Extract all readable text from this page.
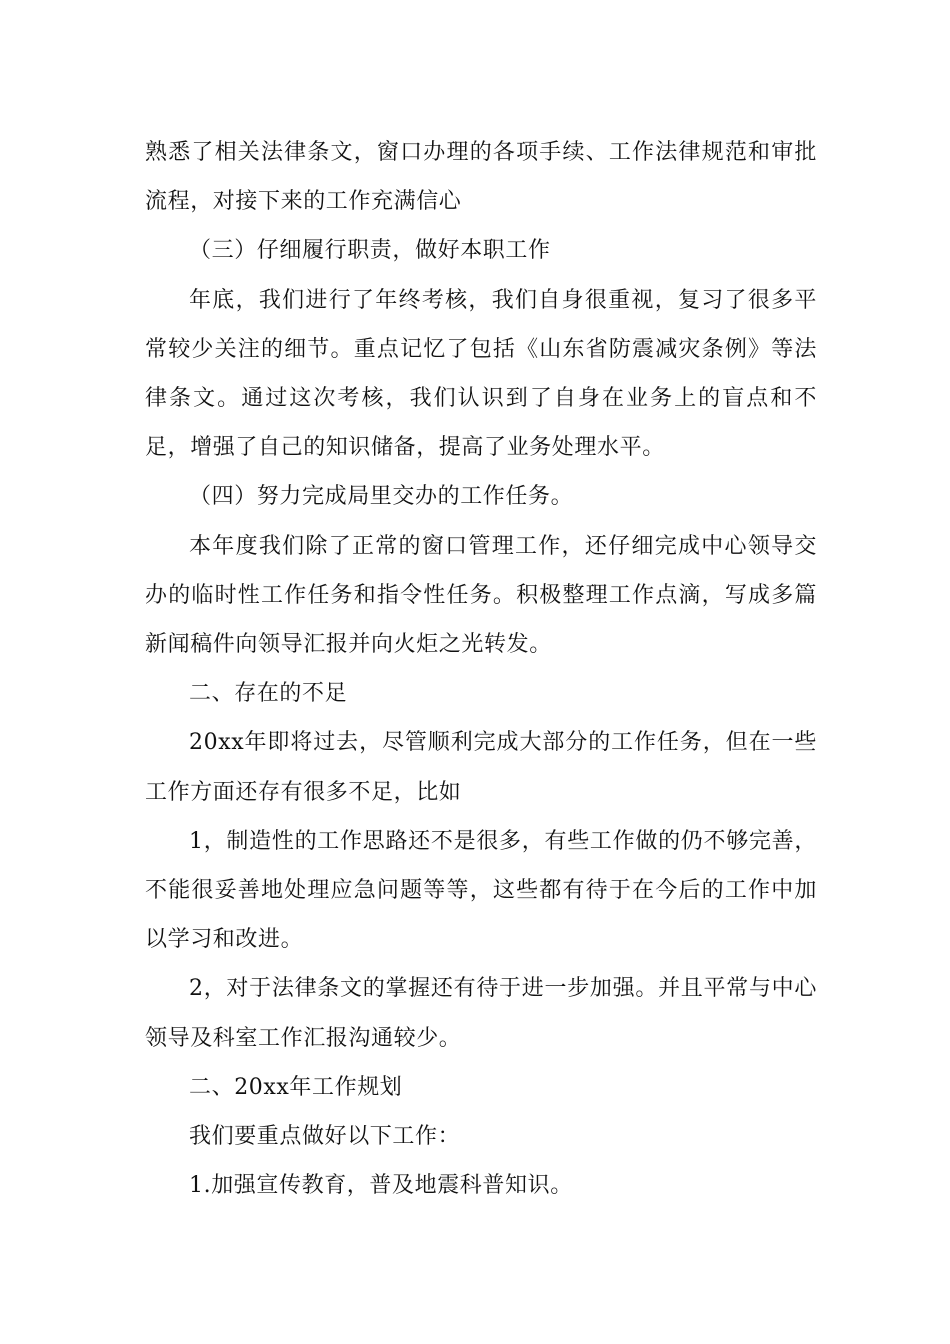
熟悉了相关法律条文，窗口办理的各项手续、工作法律规范和审批流程，对接下来的工作充满信心

（三）仔细履行职责，做好本职工作

年底，我们进行了年终考核，我们自身很重视，复习了很多平常较少关注的细节。重点记忆了包括《山东省防震减灾条例》等法律条文。通过这次考核，我们认识到了自身在业务上的盲点和不足，增强了自己的知识储备，提高了业务处理水平。

（四）努力完成局里交办的工作任务。

本年度我们除了正常的窗口管理工作，还仔细完成中心领导交办的临时性工作任务和指令性任务。积极整理工作点滴，写成多篇新闻稿件向领导汇报并向火炬之光转发。

二、存在的不足

20xx年即将过去，尽管顺利完成大部分的工作任务，但在一些工作方面还存有很多不足，比如

1，制造性的工作思路还不是很多，有些工作做的仍不够完善，不能很妥善地处理应急问题等等，这些都有待于在今后的工作中加以学习和改进。

2，对于法律条文的掌握还有待于进一步加强。并且平常与中心领导及科室工作汇报沟通较少。

二、20xx年工作规划

我们要重点做好以下工作：

1.加强宣传教育，普及地震科普知识。
